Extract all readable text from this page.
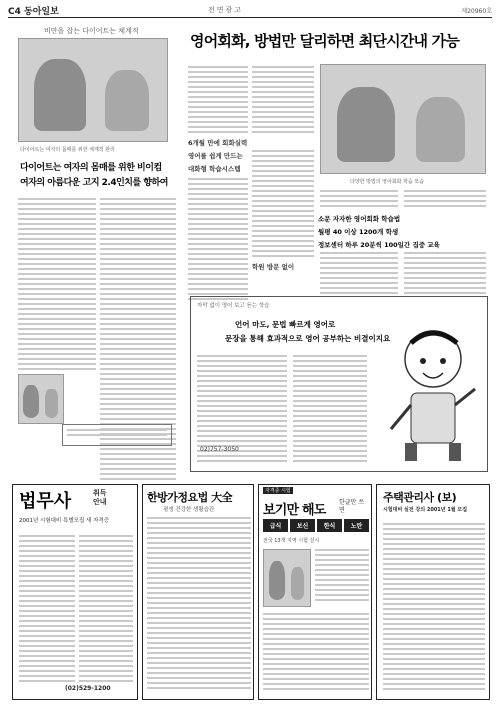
C4 동아일보	전면광고	제20960호
비만을 잡는 다이어트는 체계적
다이어트는 여자의 몸매를 위한 체계적 관리
다이어트는 여자의 몸매를 위한 비이컴
여자의 아름다운 고지 2.4인치를 향하여
영어회화, 방법만 달리하면 최단시간내 가능
6개월 만에 회화실력
영어를 쉽게 만드는
대화형 학습시스템
학원 방문 없이
다양한 방법의 영어회화 학습 모습
소문 자자한 영어회화 학습법
월평 40 이상 1200개 학생
정보센터 하루 20분씩 100일간 집중 교육
자막 없이 영어 보고 듣는 학습
언어 마도, 문법 빠르게 영어로
문장을 통해 효과적으로 영어 공부하는 비결이지요
02)757-3050
법무사	취득
안내
2001년 시험대비 특별모집 새 자격증
(02)529-1200
한방가정요법 大全
평생 건강한 생활습관
자격증 시험
보기만 해도
한글만 쓰면
급식	보신	한식	노란
전국 13개 지역 시험 실시
주택관리사 (보)
시험대비 실전 강의 2001년 1월 모집
